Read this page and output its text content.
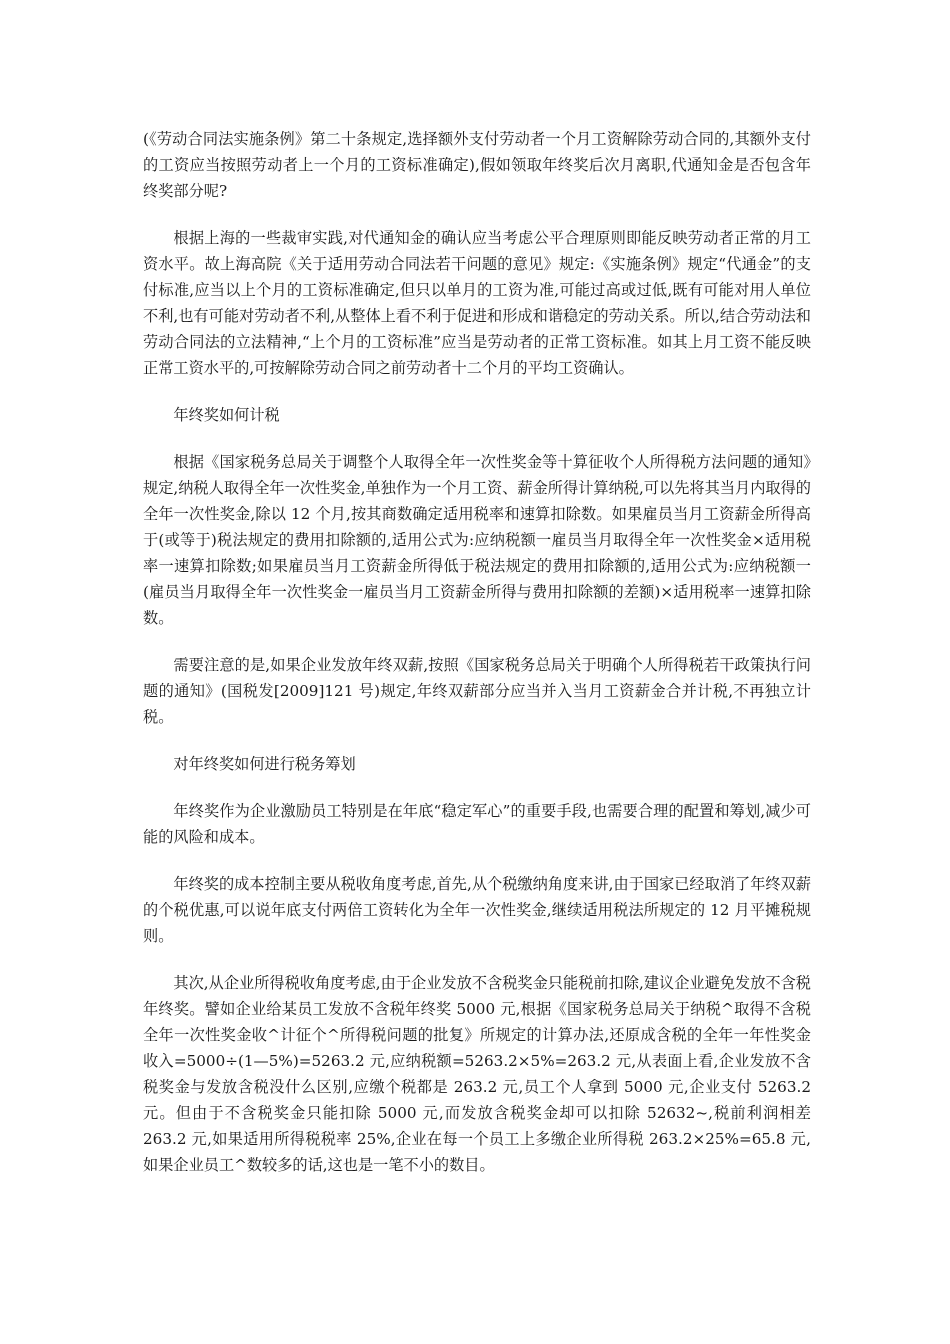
(《劳动合同法实施条例》第二十条规定,选择额外支付劳动者一个月工资解除劳动合同的,其额外支付的工资应当按照劳动者上一个月的工资标准确定),假如领取年终奖后次月离职,代通知金是否包含年终奖部分呢?

根据上海的一些裁审实践,对代通知金的确认应当考虑公平合理原则即能反映劳动者正常的月工资水平。故上海高院《关于适用劳动合同法若干问题的意见》规定:《实施条例》规定“代通金”的支付标准,应当以上个月的工资标准确定,但只以单月的工资为准,可能过高或过低,既有可能对用人单位不利,也有可能对劳动者不利,从整体上看不利于促进和形成和谐稳定的劳动关系。所以,结合劳动法和劳动合同法的立法精神,“上个月的工资标准”应当是劳动者的正常工资标准。如其上月工资不能反映正常工资水平的,可按解除劳动合同之前劳动者十二个月的平均工资确认。

年终奖如何计税

根据《国家税务总局关于调整个人取得全年一次性奖金等十算征收个人所得税方法问题的通知》规定,纳税人取得全年一次性奖金,单独作为一个月工资、薪金所得计算纳税,可以先将其当月内取得的全年一次性奖金,除以 12 个月,按其商数确定适用税率和速算扣除数。如果雇员当月工资薪金所得高于(或等于)税法规定的费用扣除额的,适用公式为:应纳税额一雇员当月取得全年一次性奖金×适用税率一速算扣除数;如果雇员当月工资薪金所得低于税法规定的费用扣除额的,适用公式为:应纳税额一(雇员当月取得全年一次性奖金一雇员当月工资薪金所得与费用扣除额的差额)×适用税率一速算扣除数。

需要注意的是,如果企业发放年终双薪,按照《国家税务总局关于明确个人所得税若干政策执行问题的通知》(国税发[2009]121 号)规定,年终双薪部分应当并入当月工资薪金合并计税,不再独立计税。

对年终奖如何进行税务筹划

年终奖作为企业激励员工特别是在年底“稳定军心”的重要手段,也需要合理的配置和筹划,减少可能的风险和成本。

年终奖的成本控制主要从税收角度考虑,首先,从个税缴纳角度来讲,由于国家已经取消了年终双薪的个税优惠,可以说年底支付两倍工资转化为全年一次性奖金,继续适用税法所规定的 12 月平摊税规则。

其次,从企业所得税收角度考虑,由于企业发放不含税奖金只能税前扣除,建议企业避免发放不含税年终奖。譬如企业给某员工发放不含税年终奖 5000 元,根据《国家税务总局关于纳税^取得不含税全年一次性奖金收^计征个^所得税问题的批复》所规定的计算办法,还原成含税的全年一年性奖金收入=5000÷(1—5%)=5263.2 元,应纳税额=5263.2×5%=263.2 元,从表面上看,企业发放不含税奖金与发放含税没什么区别,应缴个税都是 263.2 元,员工个人拿到 5000 元,企业支付 5263.2 元。但由于不含税奖金只能扣除 5000 元,而发放含税奖金却可以扣除 52632~,税前利润相差 263.2 元,如果适用所得税税率 25%,企业在每一个员工上多缴企业所得税 263.2×25%=65.8 元,如果企业员工^数较多的话,这也是一笔不小的数目。
